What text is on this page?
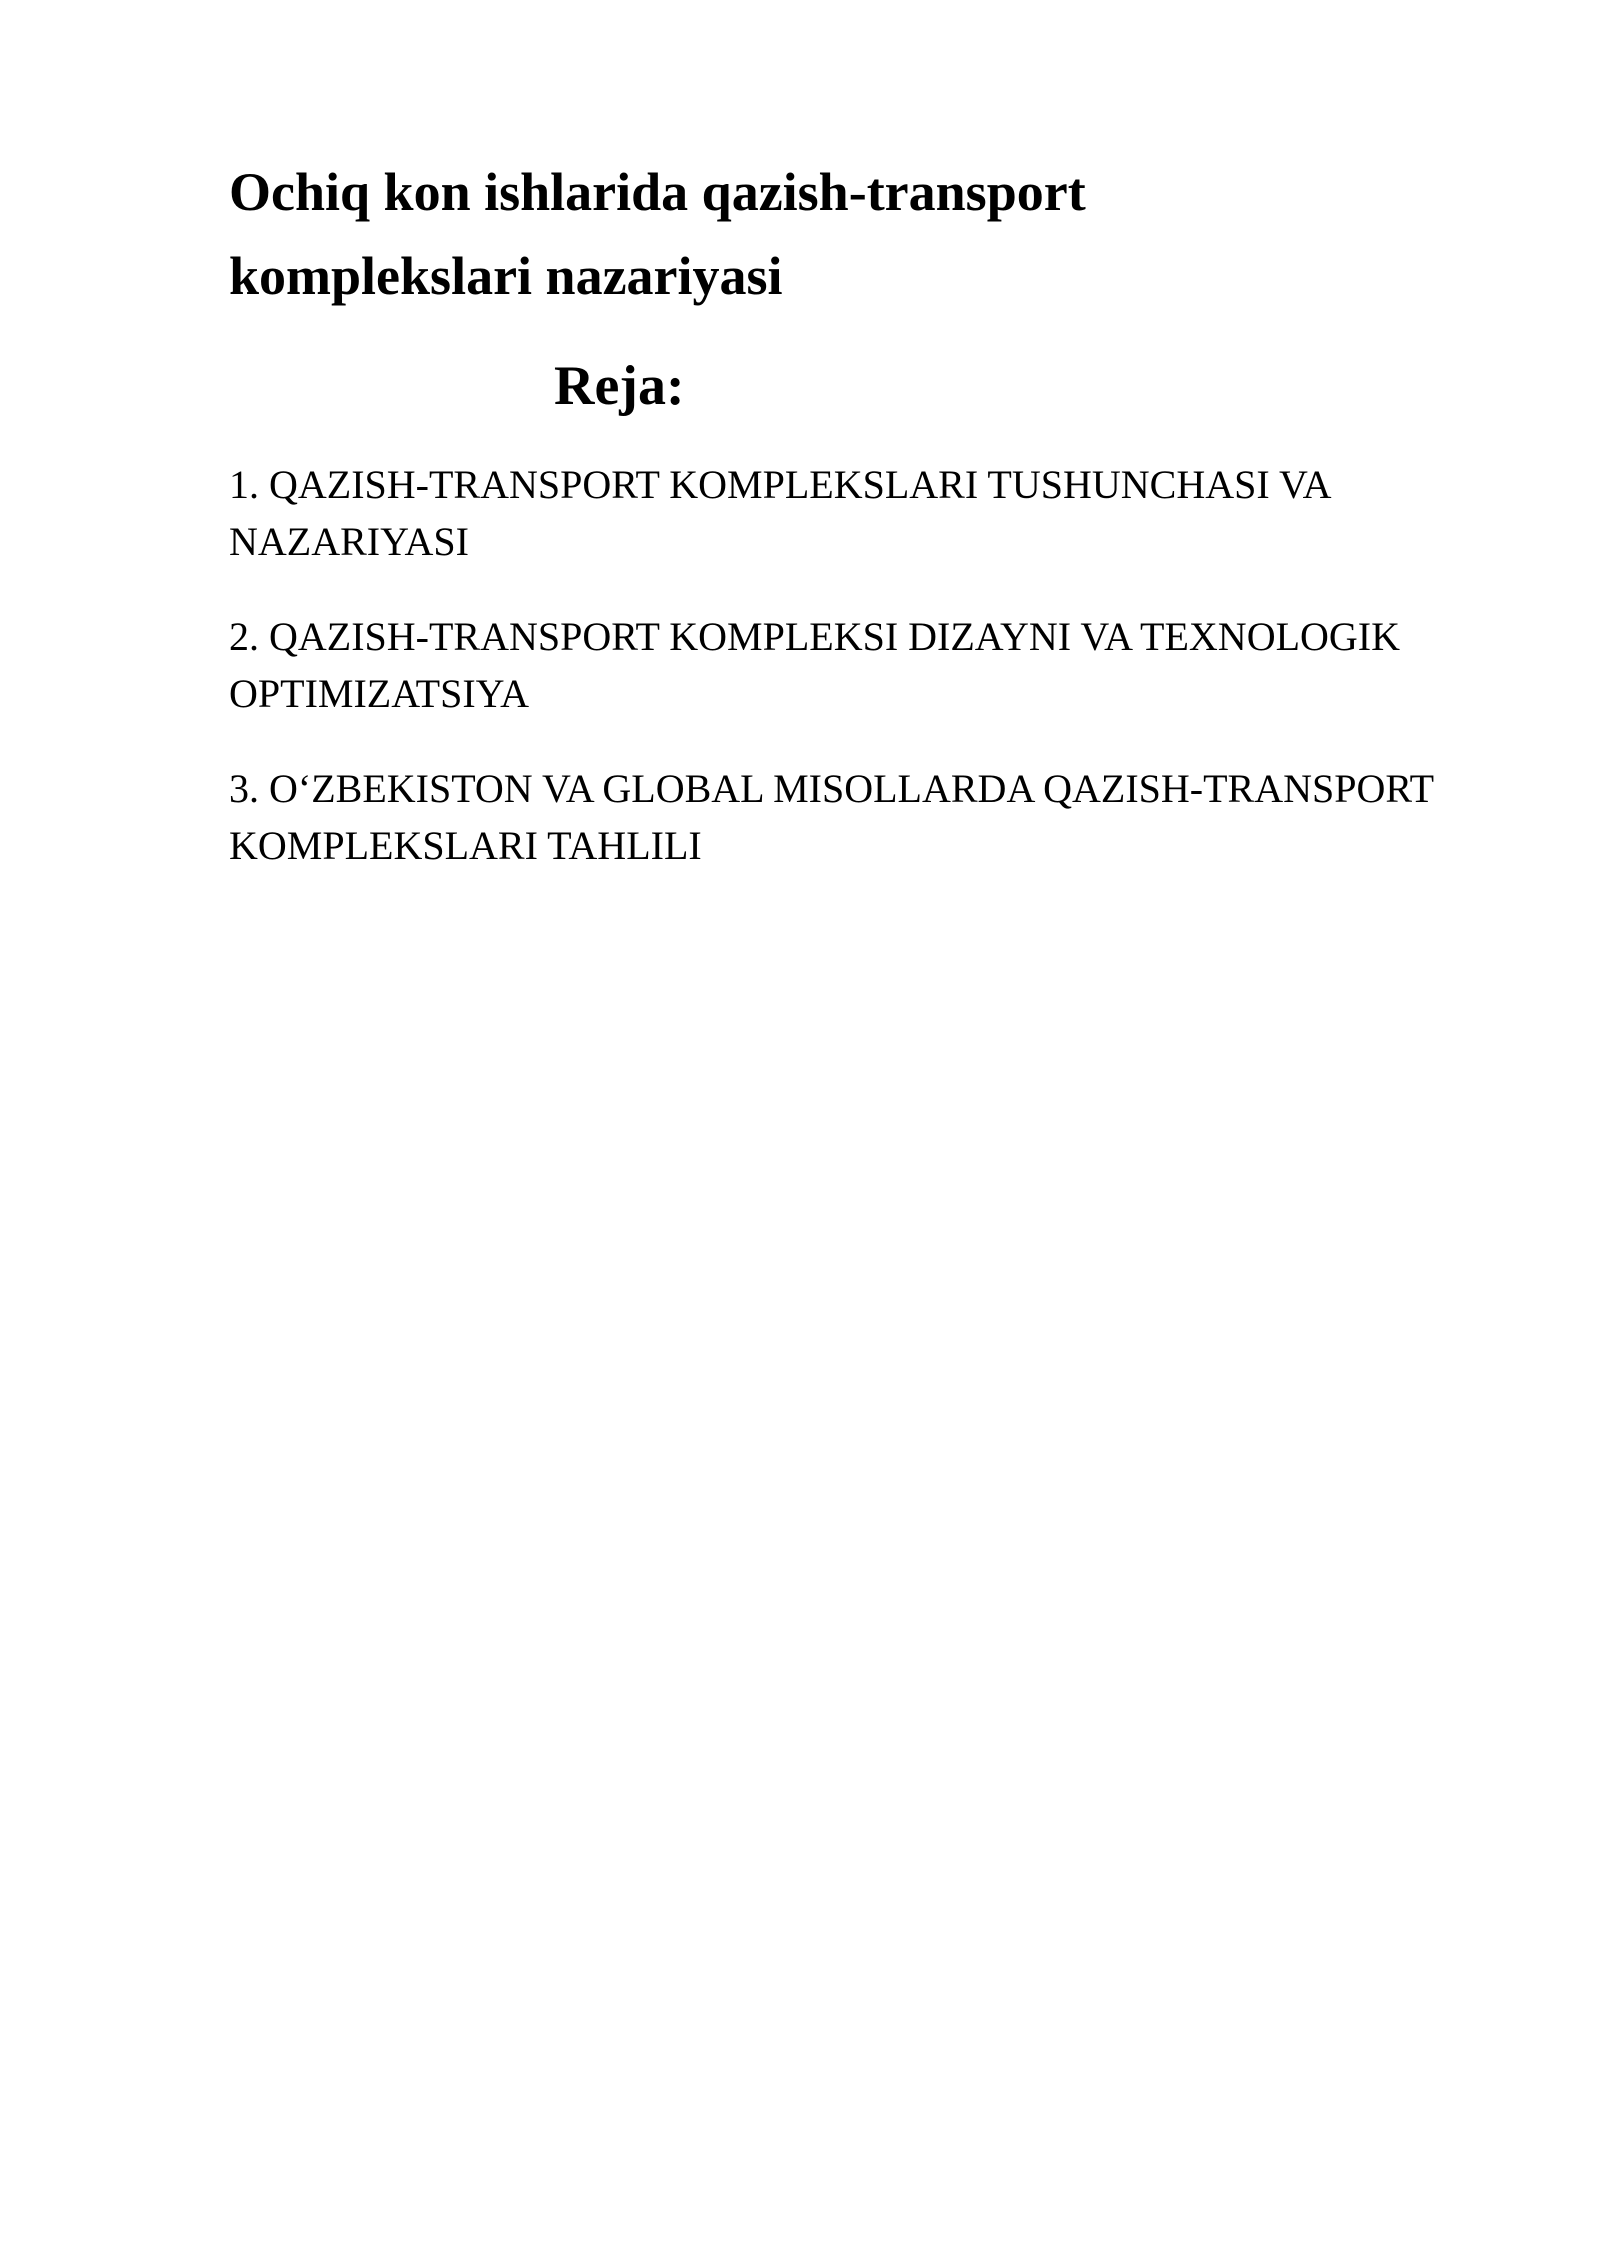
Ochiq kon ishlarida qazish-transport komplekslari nazariyasi
Reja:
1. QAZISH-TRANSPORT KOMPLEKSLARI TUSHUNCHASI VA NAZARIYASI
2. QAZISH-TRANSPORT KOMPLEKSI DIZAYNI VA TEXNOLOGIK OPTIMIZATSIYA
3. O‘ZBEKISTON VA GLOBAL MISOLLARDA QAZISH-TRANSPORT KOMPLEKSLARI TAHLILI
